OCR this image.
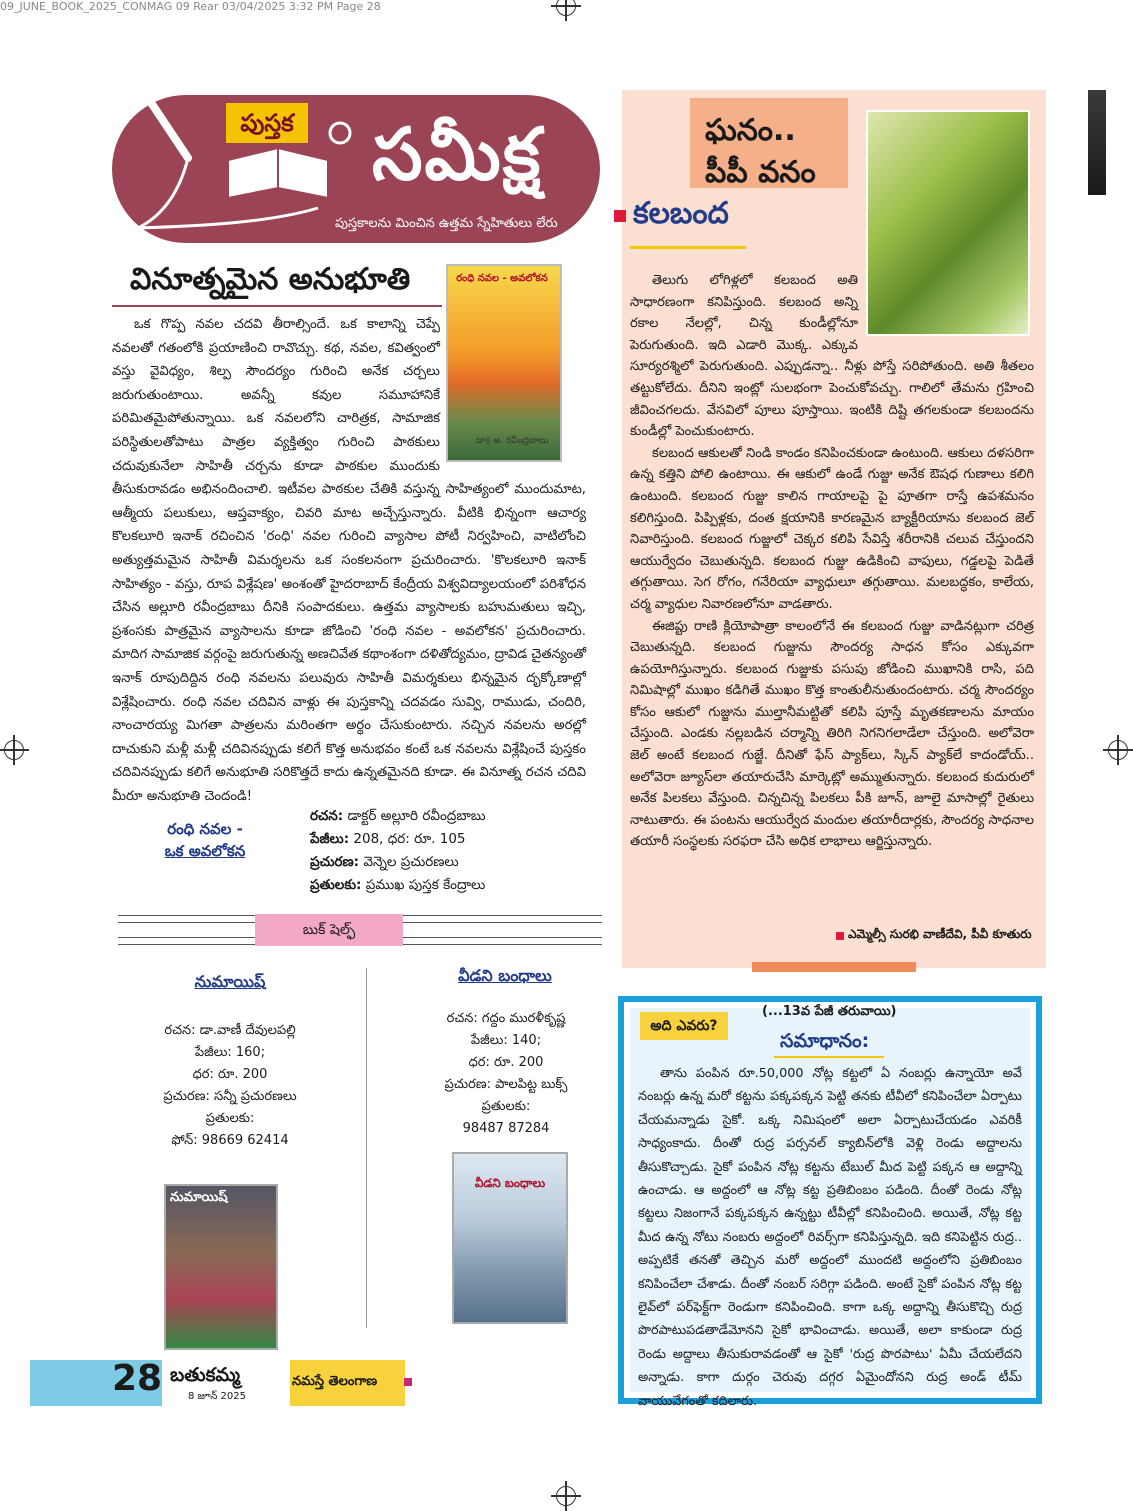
09_JUNE_BOOK_2025_CONMAG 09 Rear 03/04/2025 3:32 PM Page 28
పుస్తక సమీక్ష
పుస్తకాలను మించిన ఉత్తమ స్నేహితులు లేరు
వినూత్నమైన అనుభూతి	రంధి నవల - అవలోకన
డా॥ అ. రవీంద్రబాబు

ఒక గొప్ప నవల చదవి తీరాల్సిందే. ఒక కాలాన్ని చెప్పే నవలతో గతంలోకి ప్రయాణించి రావొచ్చు. కథ, నవల, కవిత్వంలో వస్తు వైవిధ్యం, శిల్ప సౌందర్యం గురించి అనేక చర్చలు జరుగుతుంటాయి. అవన్నీ కవుల సమూహానికే పరిమితమైపోతున్నాయి. ఒక నవలలోని చారిత్రక, సామాజిక పరిస్థితులతోపాటు పాత్రల వ్యక్తిత్వం గురించి పాఠకులు చదువుకునేలా సాహితీ చర్చను కూడా పాఠకుల ముందుకు తీసుకురావడం అభినందించాలి. ఇటీవల పాఠకుల చేతికి వస్తున్న సాహిత్యంలో ముందుమాట, ఆత్మీయ పలుకులు, ఆప్తవాక్యం, చివరి మాట అచ్చేస్తున్నారు. వీటికి భిన్నంగా ఆచార్య కొలకలూరి ఇనాక్ రచించిన 'రంధి' నవల గురించి వ్యాసాల పోటీ నిర్వహించి, వాటిలోంచి అత్యుత్తమమైన సాహితీ విమర్శలను ఒక సంకలనంగా ప్రచురించారు. 'కొలకలూరి ఇనాక్ సాహిత్యం - వస్తు, రూప విశ్లేషణ' అంశంతో హైదరాబాద్ కేంద్రీయ విశ్వవిద్యాలయంలో పరిశోధన చేసిన అల్లూరి రవీంద్రబాబు దీనికి సంపాదకులు. ఉత్తమ వ్యాసాలకు బహుమతులు ఇచ్చి, ప్రశంసకు పాత్రమైన వ్యాసాలను కూడా జోడించి 'రంధి నవల - అవలోకన' ప్రచురించారు. మాదిగ సామాజిక వర్గంపై జరుగుతున్న అణచివేత కథాంశంగా దళితోద్యమం, ద్రావిడ చైతన్యంతో ఇనాక్ రూపుదిద్దిన రంధి నవలను పలువురు సాహితీ విమర్శకులు భిన్నమైన దృక్కోణాల్లో విశ్లేషించారు. రంధి నవల చదివిన వాళ్లు ఈ పుస్తకాన్ని చదవడం సువ్వి, రాముడు, చందిరి, నాంచారయ్య మిగతా పాత్రలను మరింతగా అర్థం చేసుకుంటారు. నచ్చిన నవలను అరల్లో దాచుకుని మళ్లీ మళ్లీ చదివినప్పుడు కలిగే కొత్త అనుభవం కంటే ఒక నవలను విశ్లేషించే పుస్తకం చదివినప్పుడు కలిగే అనుభూతి సరికొత్తదే కాదు ఉన్నతమైనది కూడా. ఈ వినూత్న రచన చదివి మీరూ అనుభూతి చెందండి!

రంధి నవల -
ఒక అవలోకన
రచన: డాక్టర్ అల్లూరి రవీంద్రబాబు
పేజీలు: 208, ధర: రూ. 105
ప్రచురణ: వెన్నెల ప్రచురణలు
ప్రతులకు: ప్రముఖ పుస్తక కేంద్రాలు
బుక్ షెల్ఫ్
నుమాయిష్
రచన: డా.వాణీ దేవులపల్లి
పేజీలు: 160;
ధర: రూ. 200
ప్రచురణ: సన్నీ ప్రచురణలు
ప్రతులకు:
ఫోన్: 98669 62414
నుమాయిష్
వీడని బంధాలు
రచన: గద్దం మురళీకృష్ణ
పేజీలు: 140;
ధర: రూ. 200
ప్రచురణ: పాలపిట్ట బుక్స్
ప్రతులకు:
98487 87284
వీడని బంధాలు
28 బతుకమ్మ
8 జూన్ 2025
నమస్తే తెలంగాణ
ఘనం..
పీపీ వనం
కలబంద

తెలుగు లోగిళ్లలో కలబంద అతి సాధారణంగా కనిపిస్తుంది. కలబంద అన్ని రకాల నేలల్లో, చిన్న కుండీల్లోనూ పెరుగుతుంది. ఇది ఎడారి మొక్క. ఎక్కువ సూర్యరశ్మిలో పెరుగుతుంది. ఎప్పుడన్నా.. నీళ్లు పోస్తే సరిపోతుంది. అతి శీతలం తట్టుకోలేదు. దీనిని ఇంట్లో సులభంగా పెంచుకోవచ్చు. గాలిలో తేమను గ్రహించి జీవించగలదు. వేసవిలో పూలు పూస్తాయి. ఇంటికి దిష్టి తగలకుండా కలబందను కుండీల్లో పెంచుకుంటారు.

కలబంద ఆకులతో నిండి కాండం కనిపించకుండా ఉంటుంది. ఆకులు దళసరిగా ఉన్న కత్తిని పోలి ఉంటాయి. ఈ ఆకులో ఉండే గుజ్జు అనేక ఔషధ గుణాలు కలిగి ఉంటుంది. కలబంద గుజ్జు కాలిన గాయాలపై పై పూతగా రాస్తే ఉపశమనం కలిగిస్తుంది. పిప్పిళ్లకు, దంత క్షయానికి కారణమైన బ్యాక్టీరియాను కలబంద జెల్ నివారిస్తుంది. కలబంద గుజ్జులో చెక్కర కలిపి సేవిస్తే శరీరానికి చలువ చేస్తుందని ఆయుర్వేదం చెబుతున్నది. కలబంద గుజ్జు ఉడికించి వాపులు, గడ్డలపై పెడితే తగ్గుతాయి. సెగ రోగం, గనేరియా వ్యాధులూ తగ్గుతాయి. మలబద్ధకం, కాలేయ, చర్మ వ్యాధుల నివారణలోనూ వాడతారు.

ఈజిప్టు రాణి క్లియోపాత్రా కాలంలోనే ఈ కలబంద గుజ్జు వాడినట్లుగా చరిత్ర చెబుతున్నది. కలబంద గుజ్జును సౌందర్య సాధన కోసం ఎక్కువగా ఉపయోగిస్తున్నారు. కలబంద గుజ్జుకు పసుపు జోడించి ముఖానికి రాసి, పది నిమిషాల్లో ముఖం కడిగితే ముఖం కొత్త కాంతులీనుతుందంటారు. చర్మ సౌందర్యం కోసం ఆకులో గుజ్జును ముల్తానీమట్టితో కలిపి పూస్తే మృతకణాలను మాయం చేస్తుంది. ఎండకు నల్లబడిన చర్మాన్ని తిరిగి నిగనిగలాడేలా చేస్తుంది. అలోవెరా జెల్ అంటే కలబంద గుజ్జే. దీనితో ఫేస్ ప్యాక్‌లు, స్కిన్ ప్యాక్‌లే కాదండోయ్.. అలోవెరా జ్యూస్‌లా తయారుచేసి మార్కెట్లో అమ్ముతున్నారు. కలబంద కుదురులో అనేక పిలకలు వేస్తుంది. చిన్నచిన్న పిలకలు పీకి జూన్, జూలై మాసాల్లో రైతులు నాటుతారు. ఈ పంటను ఆయుర్వేద మందుల తయారీదార్లకు, సౌందర్య సాధనాల తయారీ సంస్థలకు సరఫరా చేసి అధిక లాభాలు ఆర్జిస్తున్నారు.

ఎమ్మెల్సీ సురభి వాణీదేవి, పీవీ కూతురు
అది ఎవరు?
(...13వ పేజీ తరువాయి)
సమాధానం:

తాను పంపిన రూ.50,000 నోట్ల కట్టలో ఏ నంబర్లు ఉన్నాయో అవే నంబర్లు ఉన్న మరో కట్టను పక్కపక్కన పెట్టి తనకు టీవీలో కనిపించేలా ఏర్పాటు చేయమన్నాడు సైకో. ఒక్క నిమిషంలో అలా ఏర్పాటుచేయడం ఎవరికీ సాధ్యంకాదు. దీంతో రుద్ర పర్సనల్ క్యాబిన్‌లోకి వెళ్లి రెండు అద్దాలను తీసుకొచ్చాడు. సైకో పంపిన నోట్ల కట్టను టేబుల్ మీద పెట్టి పక్కన ఆ అద్దాన్ని ఉంచాడు. ఆ అద్దంలో ఆ నోట్ల కట్ట ప్రతిబింబం పడింది. దీంతో రెండు నోట్ల కట్టలు నిజంగానే పక్కపక్కన ఉన్నట్టు టీవీల్లో కనిపించింది. అయితే, నోట్ల కట్ట మీద ఉన్న నోటు నంబరు అద్దంలో రివర్స్‌గా కనిపిస్తున్నది. ఇది కనిపెట్టిన రుద్ర.. అప్పటికే తనతో తెచ్చిన మరో అద్దంలో ముందటి అద్దంలోని ప్రతిబింబం కనిపించేలా చేశాడు. దీంతో నంబర్ సరిగ్గా పడింది. అంటే సైకో పంపిన నోట్ల కట్ట లైవ్‌లో పర్‌ఫెక్ట్‌గా రెండుగా కనిపించింది. కాగా ఒక్క అద్దాన్ని తీసుకొచ్చి రుద్ర పొరపాటుపడతాడేమోనని సైకో భావించాడు. అయితే, అలా కాకుండా రుద్ర రెండు అద్దాలు తీసుకురావడంతో ఆ సైకో 'రుద్ర పొరపాటు' ఏమీ చేయలేదని అన్నాడు. కాగా దుర్గం చెరువు దగ్గర ఏమైందోనని రుద్ర అండ్ టీమ్ వాయువేగంతో కదిలారు.
